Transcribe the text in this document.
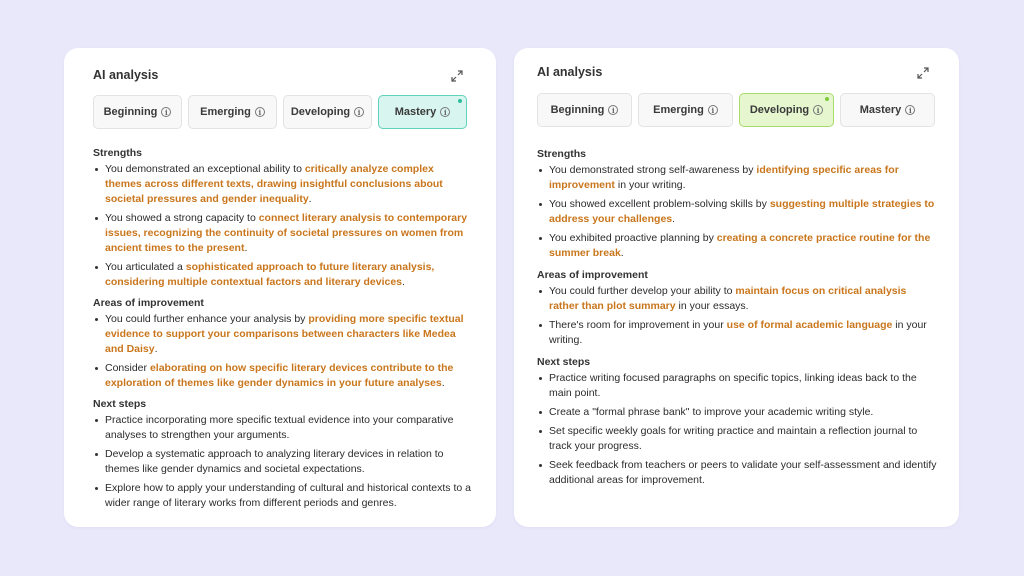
AI analysis
Beginning	i	Emerging	i	Developing	i	Mastery	i
Strengths
You demonstrated an exceptional ability to critically analyze complex themes across different texts, drawing insightful conclusions about societal pressures and gender inequality.
You showed a strong capacity to connect literary analysis to contemporary issues, recognizing the continuity of societal pressures on women from ancient times to the present.
You articulated a sophisticated approach to future literary analysis, considering multiple contextual factors and literary devices.
Areas of improvement
You could further enhance your analysis by providing more specific textual evidence to support your comparisons between characters like Medea and Daisy.
Consider elaborating on how specific literary devices contribute to the exploration of themes like gender dynamics in your future analyses.
Next steps
Practice incorporating more specific textual evidence into your comparative analyses to strengthen your arguments.
Develop a systematic approach to analyzing literary devices in relation to themes like gender dynamics and societal expectations.
Explore how to apply your understanding of cultural and historical contexts to a wider range of literary works from different periods and genres.
AI analysis
Beginning	i	Emerging	i	Developing	i	Mastery	i
Strengths
You demonstrated strong self-awareness by identifying specific areas for improvement in your writing.
You showed excellent problem-solving skills by suggesting multiple strategies to address your challenges.
You exhibited proactive planning by creating a concrete practice routine for the summer break.
Areas of improvement
You could further develop your ability to maintain focus on critical analysis rather than plot summary in your essays.
There's room for improvement in your use of formal academic language in your writing.
Next steps
Practice writing focused paragraphs on specific topics, linking ideas back to the main point.
Create a "formal phrase bank" to improve your academic writing style.
Set specific weekly goals for writing practice and maintain a reflection journal to track your progress.
Seek feedback from teachers or peers to validate your self-assessment and identify additional areas for improvement.
